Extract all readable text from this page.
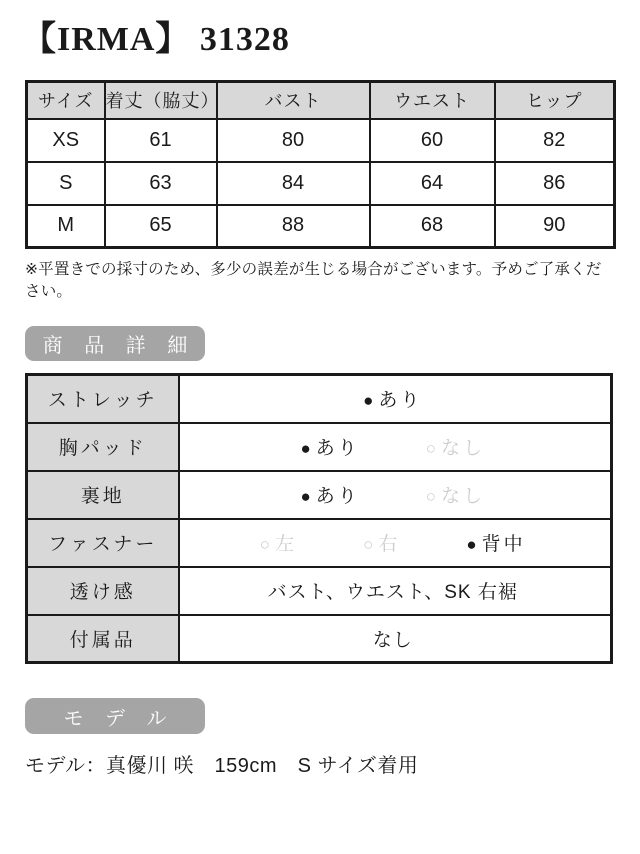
【IRMA】 31328
サイズ	着丈（脇丈）	バスト	ウエスト	ヒップ
XS	61	80	60	82
S	63	84	64	86
M	65	88	68	90
※平置きでの採寸のため、多少の誤差が生じる場合がございます。予めご了承ください。
商 品 詳 細
ストレッチ	● あり

胸パッド	● あり ○ なし

裏地	● あり ○ なし

ファスナー	○ 左 ○ 右 ● 背中

透け感	バスト、ウエスト、SK 右裾
付属品	なし
モ デ ル
モデル：真優川 咲　159cm　S サイズ着用
